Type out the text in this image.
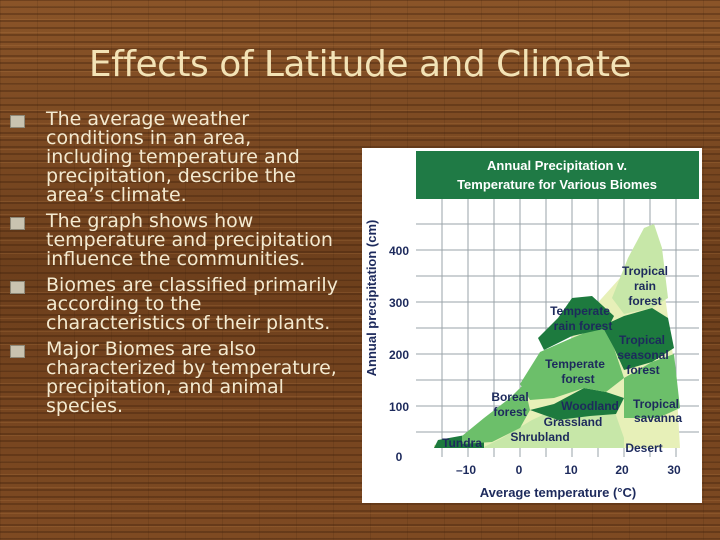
Effects of Latitude and Climate
The average weather conditions in an area, including temperature and precipitation, describe the area’s climate.
The graph shows how temperature and precipitation influence the communities.
Biomes are classified primarily according to the characteristics of their plants.
Major Biomes are also characterized by temperature, precipitation, and animal species.
Annual Precipitation v.
Temperature for Various Biomes
Annual precipitation (cm)	Tropical
rain
forest
Temperate
rain forest
Tropical
seasonal
forest
Temperate
forest
Boreal
forest	Woodland
Grassland
Tropical
savanna
Tundra Shrubland
Desert
400
300
200
100
0
–10	0	10	20	30
Average temperature (°C)
